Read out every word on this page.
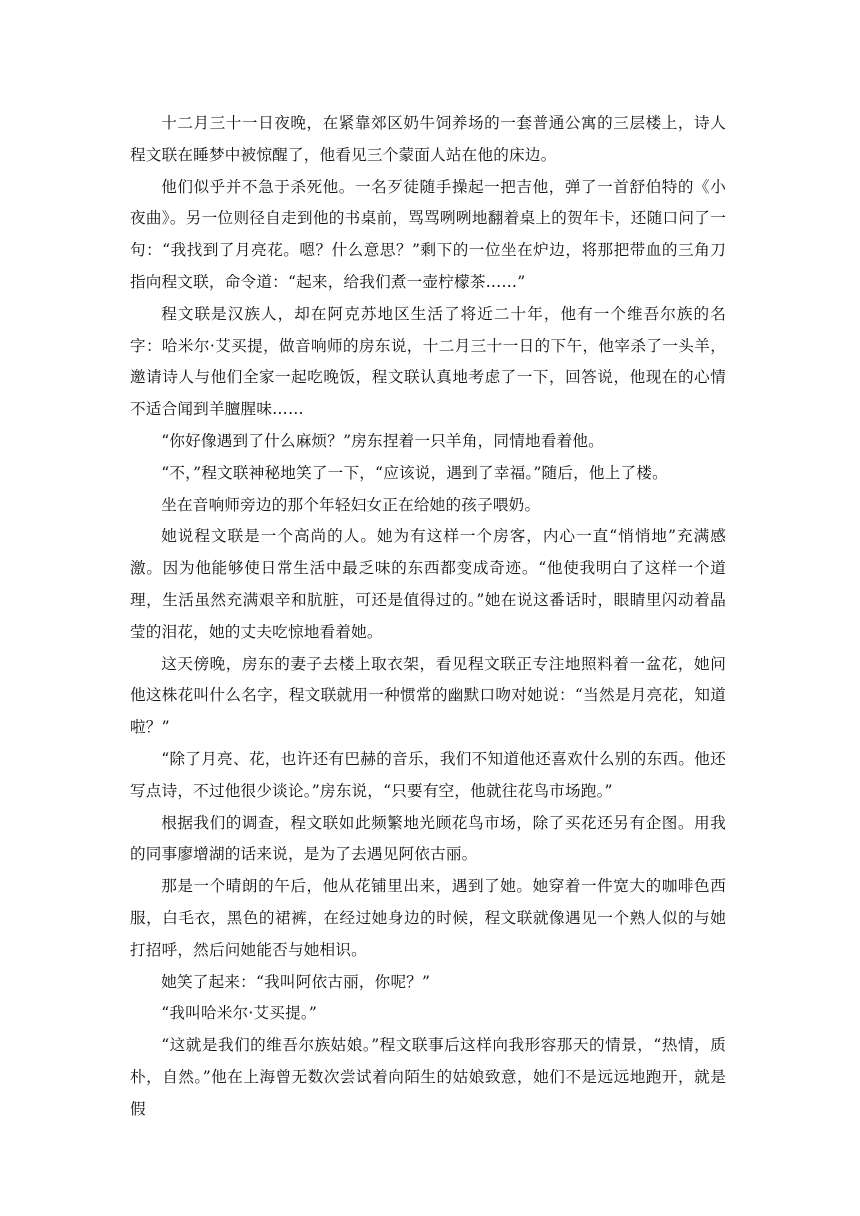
十二月三十一日夜晚，在紧靠郊区奶牛饲养场的一套普通公寓的三层楼上，诗人程文联在睡梦中被惊醒了，他看见三个蒙面人站在他的床边。

他们似乎并不急于杀死他。一名歹徒随手操起一把吉他，弹了一首舒伯特的《小夜曲》。另一位则径自走到他的书桌前，骂骂咧咧地翻着桌上的贺年卡，还随口问了一句：“我找到了月亮花。嗯？什么意思？”剩下的一位坐在炉边，将那把带血的三角刀指向程文联，命令道：“起来，给我们煮一壶柠檬茶……”

程文联是汉族人，却在阿克苏地区生活了将近二十年，他有一个维吾尔族的名字：哈米尔·艾买提，做音响师的房东说，十二月三十一日的下午，他宰杀了一头羊，邀请诗人与他们全家一起吃晚饭，程文联认真地考虑了一下，回答说，他现在的心情不适合闻到羊膻腥味……

“你好像遇到了什么麻烦？”房东捏着一只羊角，同情地看着他。

“不，”程文联神秘地笑了一下，“应该说，遇到了幸福。”随后，他上了楼。

坐在音响师旁边的那个年轻妇女正在给她的孩子喂奶。

她说程文联是一个高尚的人。她为有这样一个房客，内心一直“悄悄地”充满感激。因为他能够使日常生活中最乏味的东西都变成奇迹。“他使我明白了这样一个道理，生活虽然充满艰辛和肮脏，可还是值得过的。”她在说这番话时，眼睛里闪动着晶莹的泪花，她的丈夫吃惊地看着她。

这天傍晚，房东的妻子去楼上取衣架，看见程文联正专注地照料着一盆花，她问他这株花叫什么名字，程文联就用一种惯常的幽默口吻对她说：“当然是月亮花，知道啦？”

“除了月亮、花，也许还有巴赫的音乐，我们不知道他还喜欢什么别的东西。他还写点诗，不过他很少谈论。”房东说，“只要有空，他就往花鸟市场跑。”

根据我们的调查，程文联如此频繁地光顾花鸟市场，除了买花还另有企图。用我的同事廖增湖的话来说，是为了去遇见阿依古丽。

那是一个晴朗的午后，他从花铺里出来，遇到了她。她穿着一件宽大的咖啡色西服，白毛衣，黑色的裙裤，在经过她身边的时候，程文联就像遇见一个熟人似的与她打招呼，然后问她能否与她相识。

她笑了起来：“我叫阿依古丽，你呢？”

“我叫哈米尔·艾买提。”

“这就是我们的维吾尔族姑娘。”程文联事后这样向我形容那天的情景，“热情，质朴，自然。”他在上海曾无数次尝试着向陌生的姑娘致意，她们不是远远地跑开，就是假
